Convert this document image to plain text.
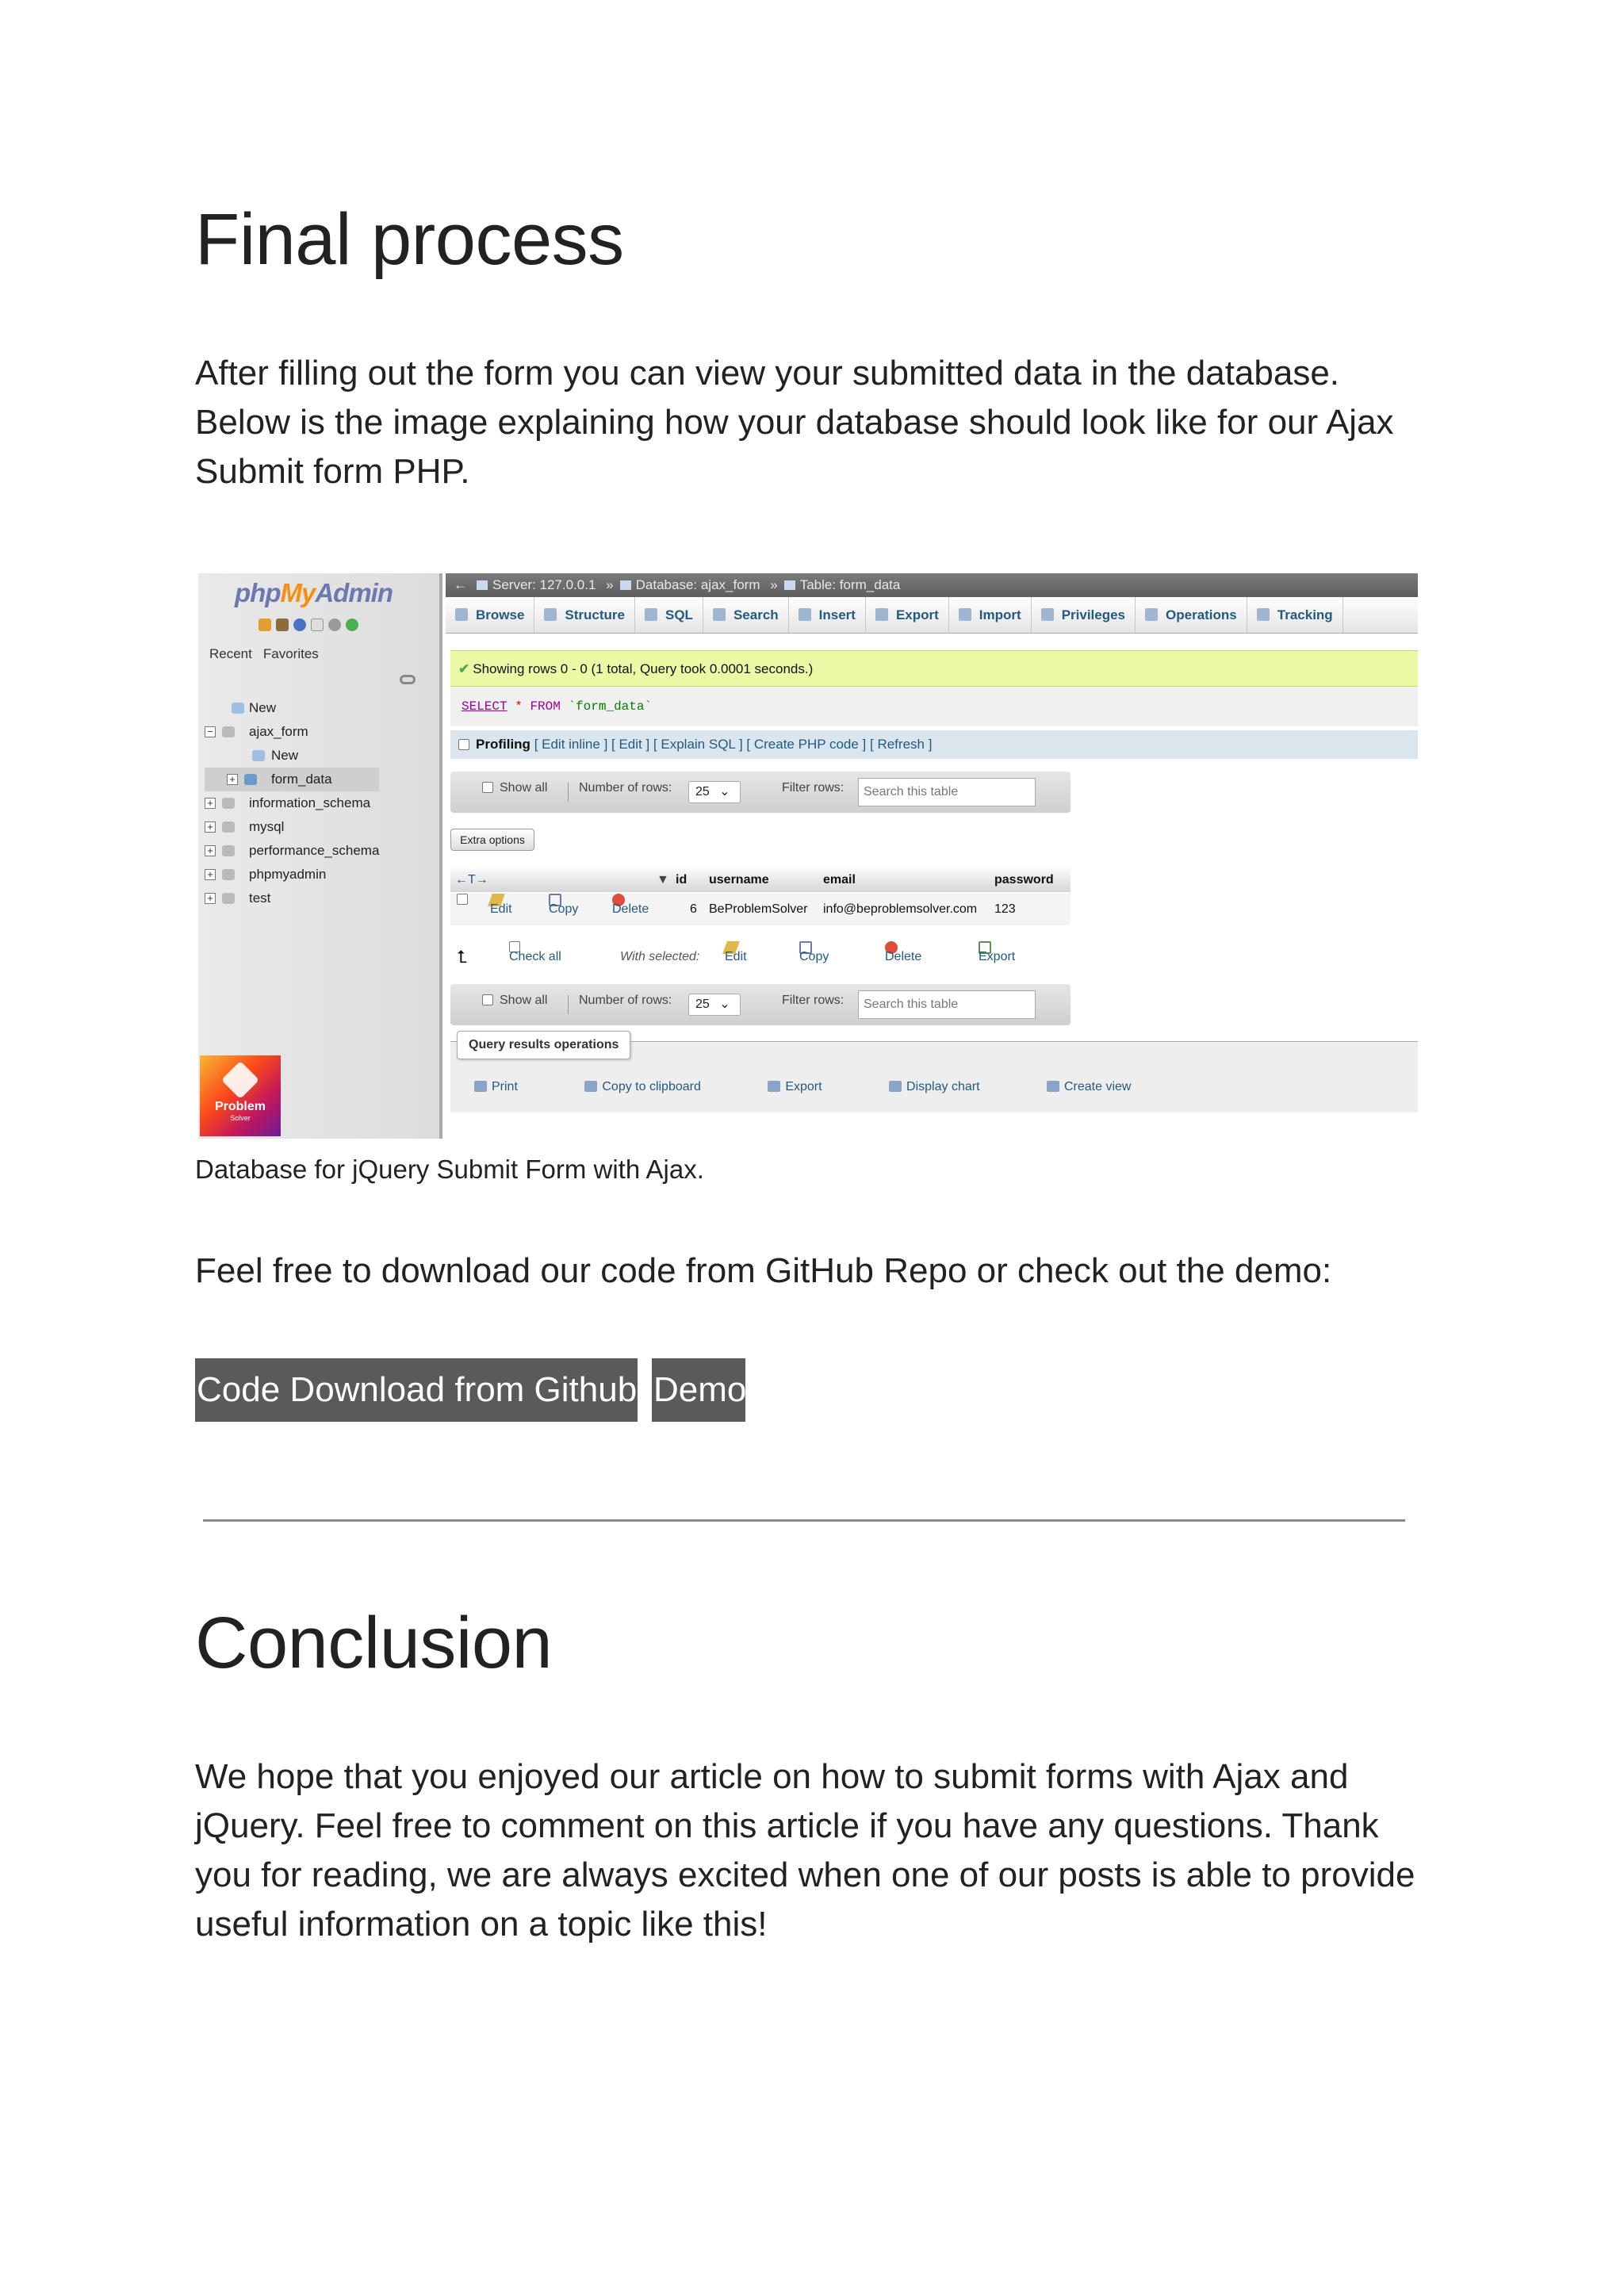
Final process

After filling out the form you can view your submitted data in the database. Below is the image explaining how your database should look like for our Ajax Submit form PHP.

phpMyAdmin
Recent Favorites
New
−	ajax_form
New
+	form_data
+	information_schema
+	mysql
+	performance_schema
+	phpmyadmin
+	test
Problem
Solver
← Server: 127.0.0.1 » Database: ajax_form » Table: form_data
Browse	Structure	SQL	Search	Insert	Export	Import	Privileges	Operations	Tracking
✔ Showing rows 0 - 0 (1 total, Query took 0.0001 seconds.)
SELECT * FROM `form_data`
Profiling [ Edit inline ] [ Edit ] [ Explain SQL ] [ Create PHP code ] [ Refresh ]
Show all Number of rows:	25 ⌄	Filter rows:	Search this table
Extra options
←T→	▼ id username	email	password
Edit	Copy	Delete	6 BeProblemSolver info@beproblemsolver.com 123
⮤	Check all	With selected: Edit	Copy	Delete	Export
Show all Number of rows:	25 ⌄	Filter rows:	Search this table
Query results operations
Print	Copy to clipboard	Export	Display chart	Create view

Database for jQuery Submit Form with Ajax.

Feel free to download our code from GitHub Repo or check out the demo:

Code Download from Github Demo
Conclusion

We hope that you enjoyed our article on how to submit forms with Ajax and jQuery. Feel free to comment on this article if you have any questions. Thank you for reading, we are always excited when one of our posts is able to provide useful information on a topic like this!
